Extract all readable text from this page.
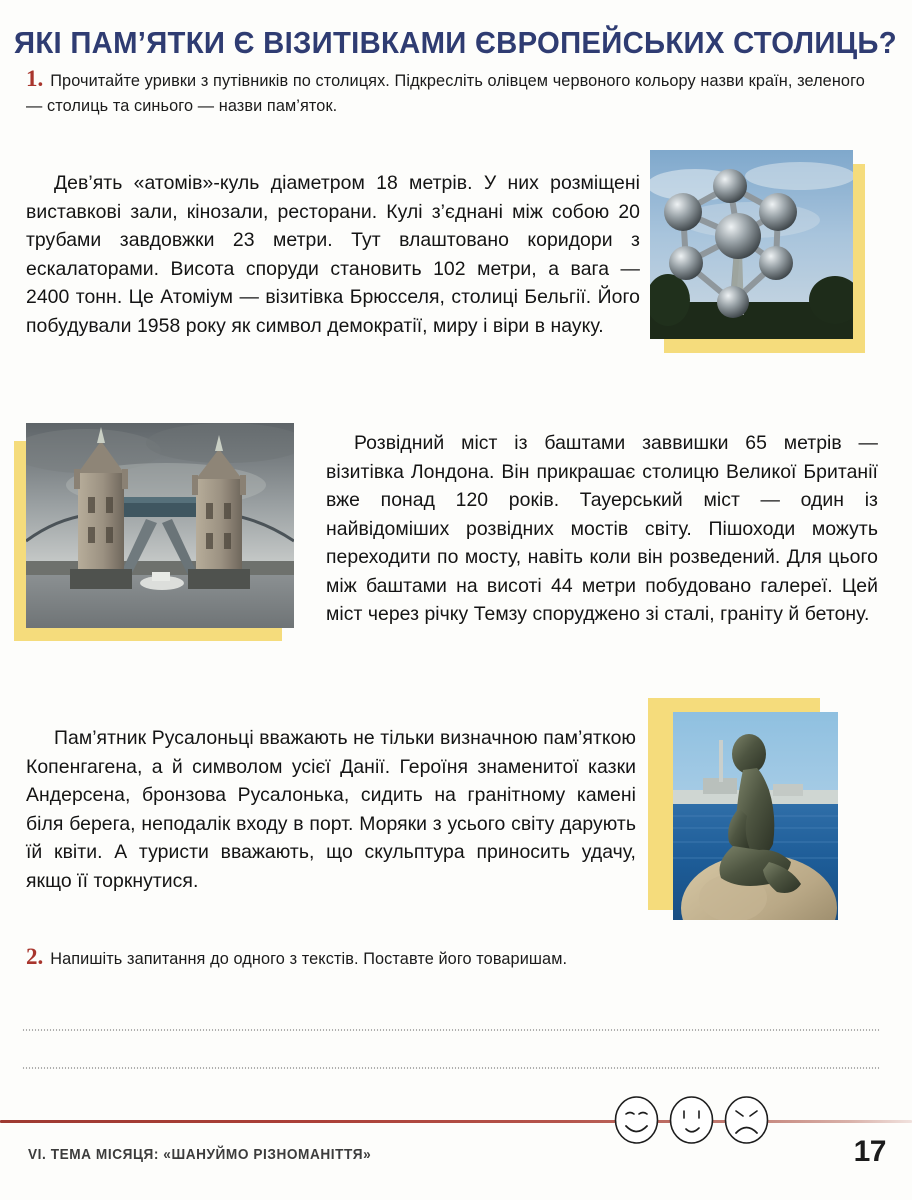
ЯКІ ПАМ’ЯТКИ Є ВІЗИТІВКАМИ ЄВРОПЕЙСЬКИХ СТОЛИЦЬ?
1. Прочитайте уривки з путівників по столицях. Підкресліть олівцем червоного кольору назви країн, зеленого — столиць та синього — назви пам’яток.

Дев’ять «атомів»-куль діаметром 18 метрів. У них розміщені виставкові зали, кінозали, ресторани. Кулі з’єднані між собою 20 трубами завдовжки 23 метри. Тут влаштовано коридори з ескалаторами. Висота споруди становить 102 метри, а вага — 2400 тонн. Це Атоміум — візитівка Брюсселя, столиці Бельгії. Його побудували 1958 року як символ демократії, миру і віри в науку.

Розвідний міст із баштами заввишки 65 метрів — візитівка Лондона. Він прикрашає столицю Великої Британії вже понад 120 років. Тауерський міст — один із найвідоміших розвідних мостів світу. Пішоходи можуть переходити по мосту, навіть коли він розведений. Для цього між баштами на висоті 44 метри побудовано галереї. Цей міст через річку Темзу споруджено зі сталі, граніту й бетону.

Пам’ятник Русалоньці вважають не тільки визначною пам’яткою Копенгагена, а й символом усієї Данії. Героїня знаменитої казки Андерсена, бронзова Русалонька, сидить на гранітному камені біля берега, неподалік входу в порт. Моряки з усього світу дарують їй квіти. А туристи вважають, що скульптура приносить удачу, якщо її торкнутися.

2. Напишіть запитання до одного з текстів. Поставте його товаришам.
VI. ТЕМА МІСЯЦЯ: «ШАНУЙМО РІЗНОМАНІТТЯ»	17
